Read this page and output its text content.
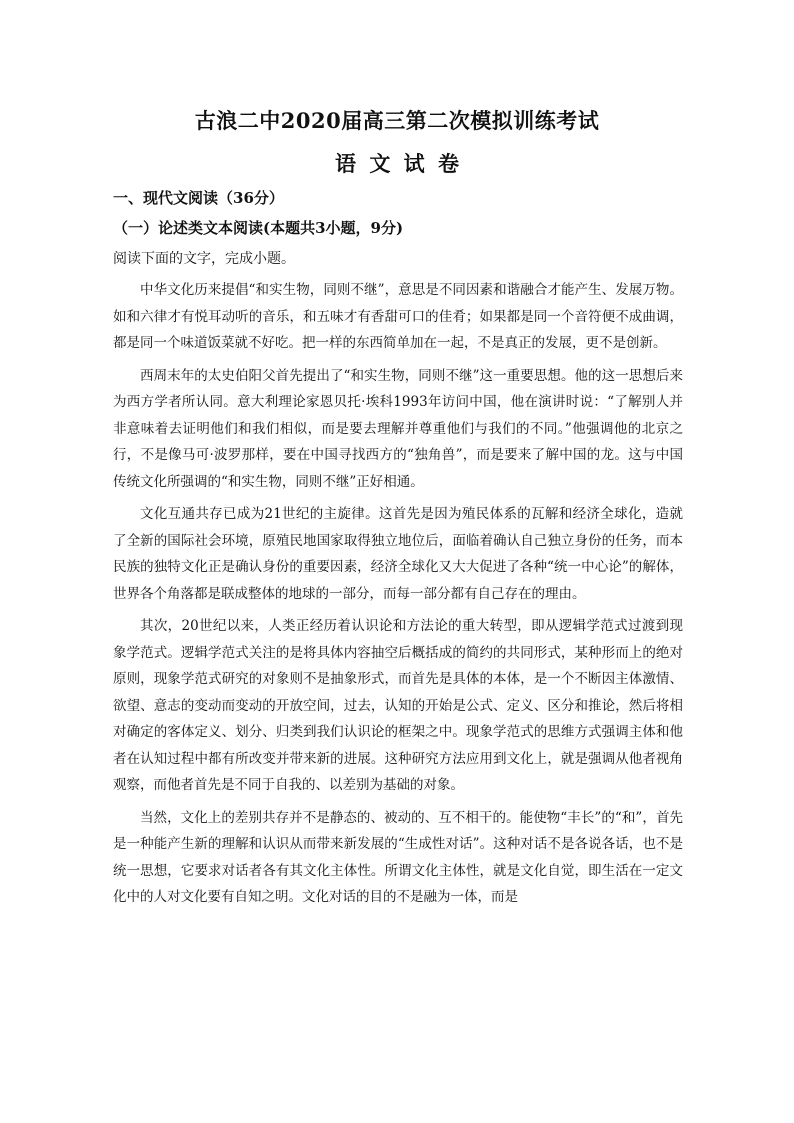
古浪二中2020届高三第二次模拟训练考试
语 文 试 卷
一、现代文阅读（36分）
（一）论述类文本阅读(本题共3小题，9分)
阅读下面的文字，完成小题。

中华文化历来提倡“和实生物，同则不继”，意思是不同因素和谐融合才能产生、发展万物。如和六律才有悦耳动听的音乐，和五味才有香甜可口的佳肴；如果都是同一个音符便不成曲调，都是同一个味道饭菜就不好吃。把一样的东西简单加在一起，不是真正的发展，更不是创新。

西周末年的太史伯阳父首先提出了“和实生物，同则不继”这一重要思想。他的这一思想后来为西方学者所认同。意大利理论家恩贝托·埃科1993年访问中国，他在演讲时说：“了解别人并非意味着去证明他们和我们相似，而是要去理解并尊重他们与我们的不同。”他强调他的北京之行，不是像马可·波罗那样，要在中国寻找西方的“独角兽”，而是要来了解中国的龙。这与中国传统文化所强调的“和实生物，同则不继”正好相通。

文化互通共存已成为21世纪的主旋律。这首先是因为殖民体系的瓦解和经济全球化，造就了全新的国际社会环境，原殖民地国家取得独立地位后，面临着确认自己独立身份的任务，而本民族的独特文化正是确认身份的重要因素，经济全球化又大大促进了各种“统一中心论”的解体，世界各个角落都是联成整体的地球的一部分，而每一部分都有自己存在的理由。

其次，20世纪以来，人类正经历着认识论和方法论的重大转型，即从逻辑学范式过渡到现象学范式。逻辑学范式关注的是将具体内容抽空后概括成的简约的共同形式，某种形而上的绝对原则，现象学范式研究的对象则不是抽象形式，而首先是具体的本体，是一个不断因主体激情、欲望、意志的变动而变动的开放空间，过去，认知的开始是公式、定义、区分和推论，然后将相对确定的客体定义、划分、归类到我们认识论的框架之中。现象学范式的思维方式强调主体和他者在认知过程中都有所改变并带来新的进展。这种研究方法应用到文化上，就是强调从他者视角观察，而他者首先是不同于自我的、以差别为基础的对象。

当然，文化上的差别共存并不是静态的、被动的、互不相干的。能使物“丰长”的“和”，首先是一种能产生新的理解和认识从而带来新发展的“生成性对话”。这种对话不是各说各话，也不是统一思想，它要求对话者各有其文化主体性。所谓文化主体性，就是文化自觉，即生活在一定文化中的人对文化要有自知之明。文化对话的目的不是融为一体，而是
